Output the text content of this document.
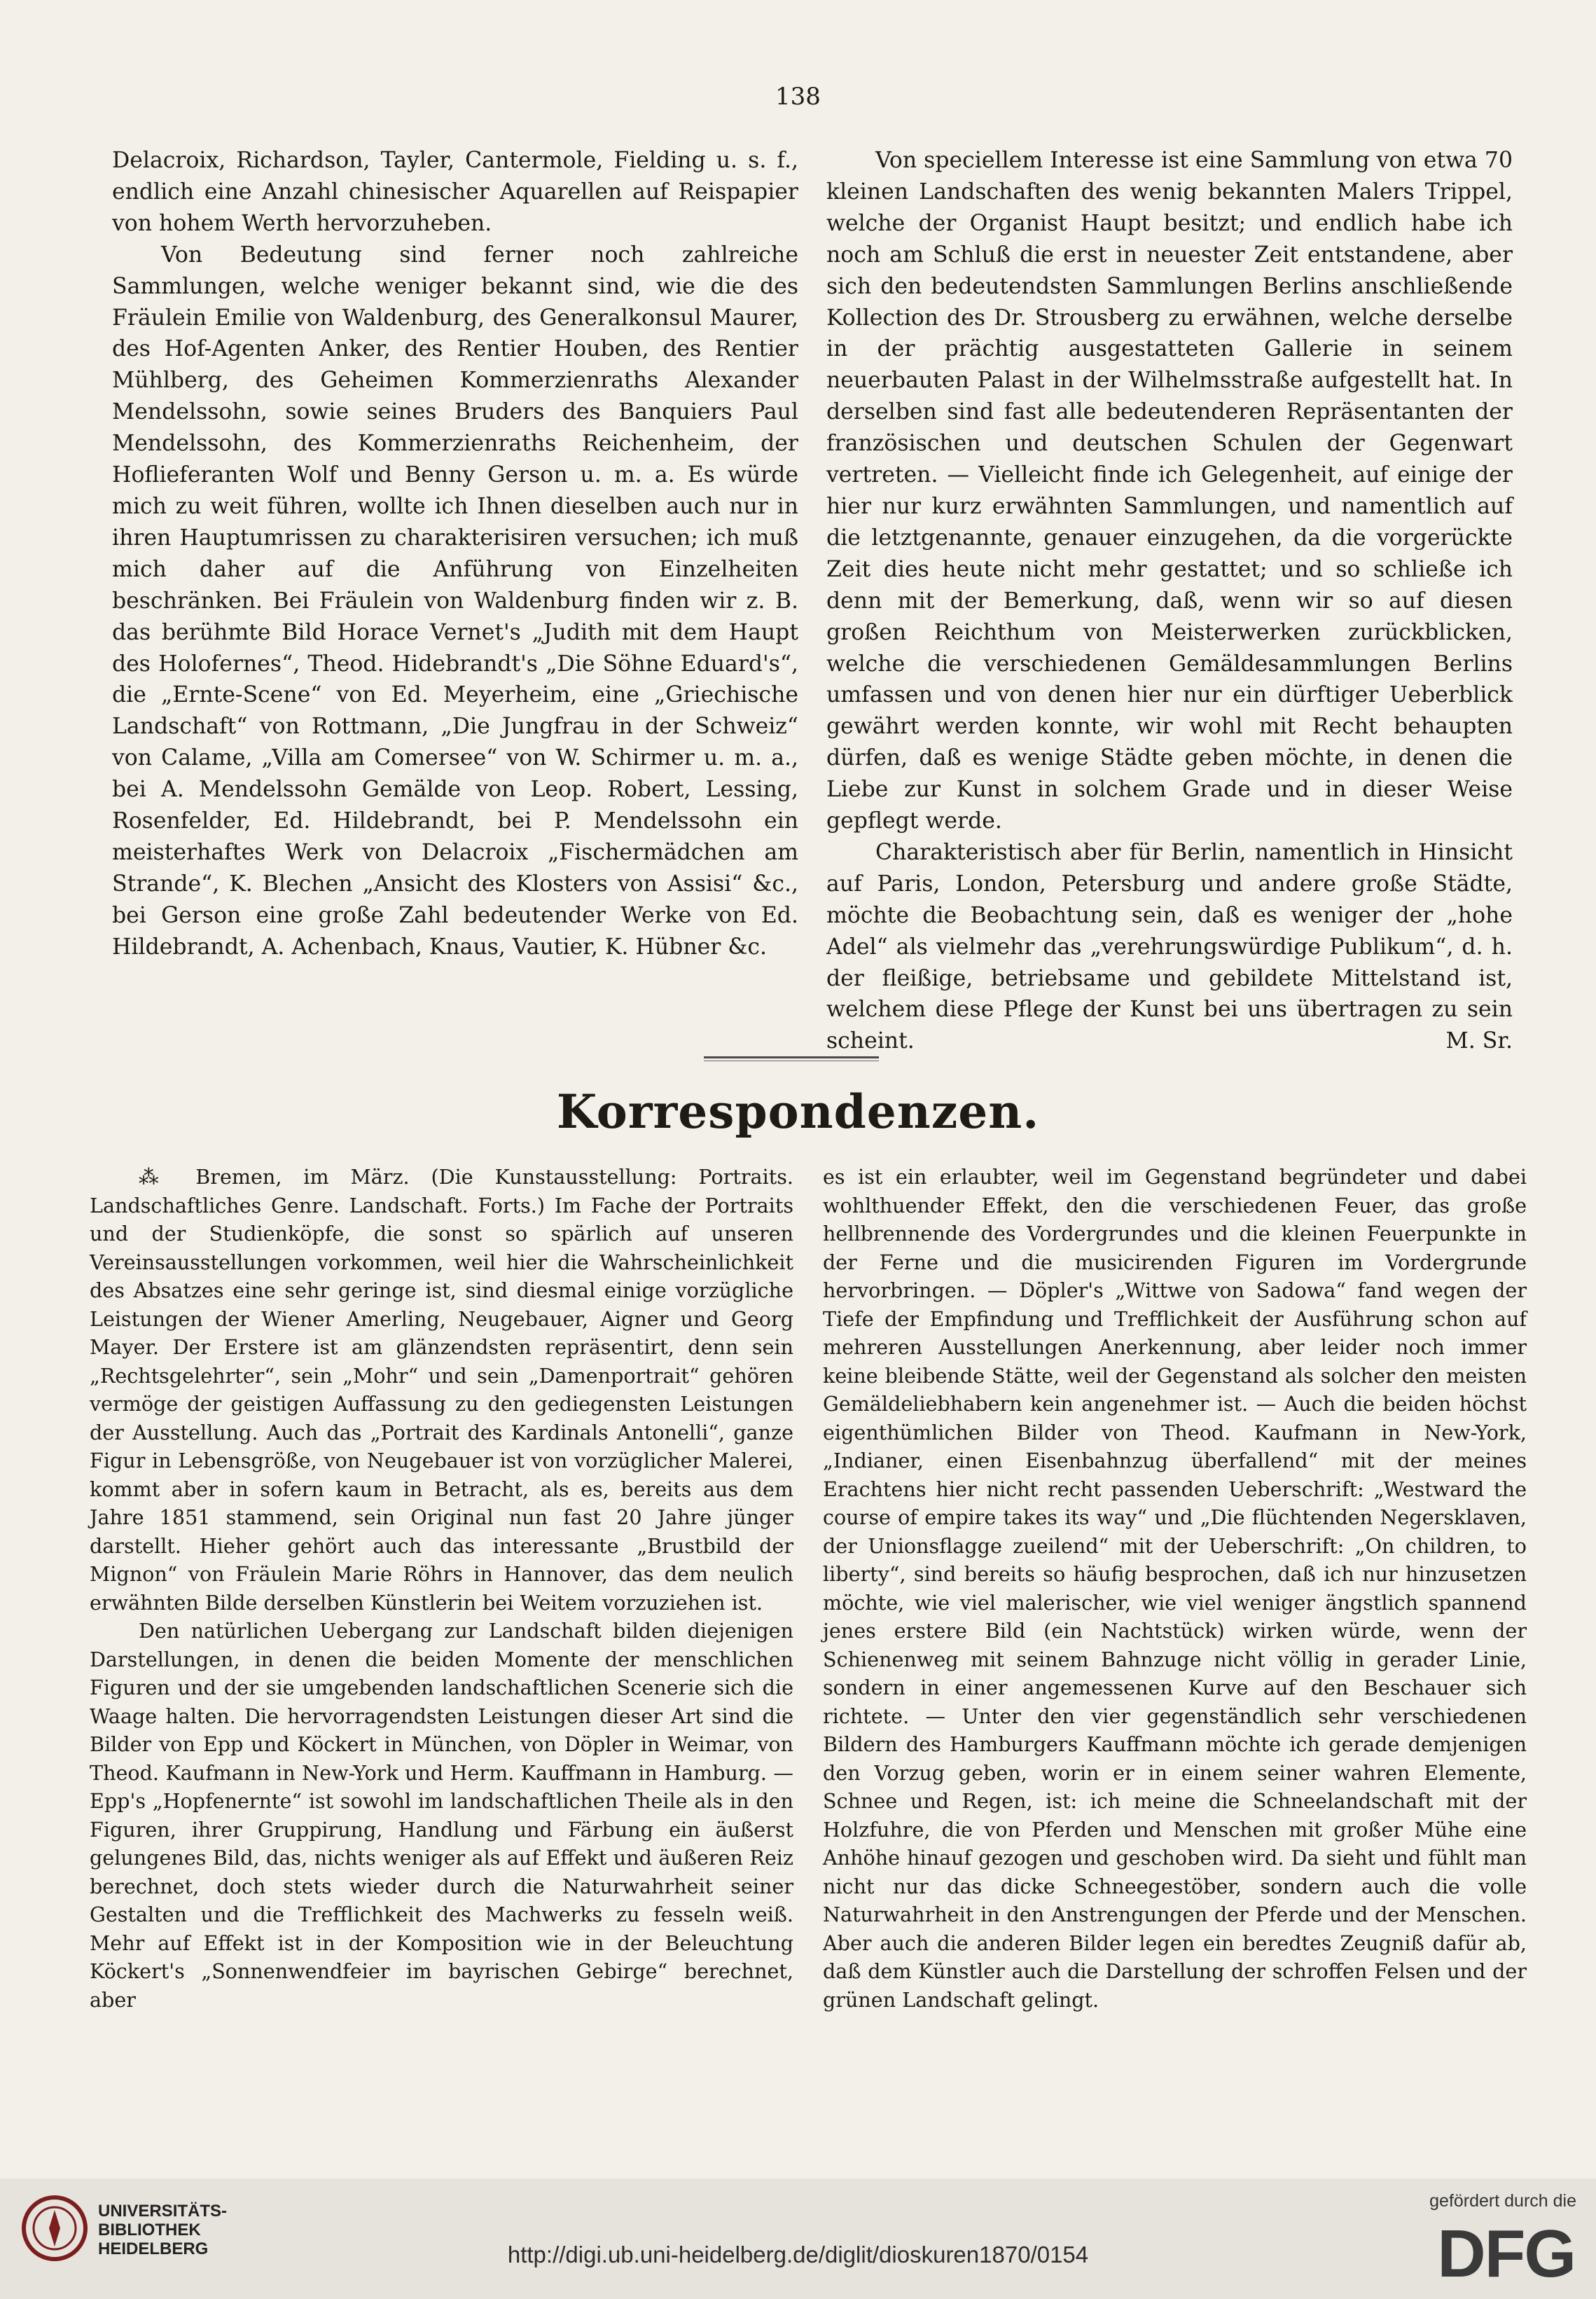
138

Delacroix, Richardson, Tayler, Cantermole, Fielding u. s. f., endlich eine Anzahl chinesischer Aquarellen auf Reispapier von hohem Werth hervorzuheben.

Von Bedeutung sind ferner noch zahlreiche Sammlungen, welche weniger bekannt sind, wie die des Fräulein Emilie von Waldenburg, des Generalkonsul Maurer, des Hof-Agenten Anker, des Rentier Houben, des Rentier Mühlberg, des Geheimen Kommerzienraths Alexander Mendelssohn, sowie seines Bruders des Banquiers Paul Mendelssohn, des Kommerzienraths Reichenheim, der Hoflieferanten Wolf und Benny Gerson u. m. a. Es würde mich zu weit führen, wollte ich Ihnen dieselben auch nur in ihren Hauptumrissen zu charakterisiren versuchen; ich muß mich daher auf die Anführung von Einzelheiten beschränken. Bei Fräulein von Waldenburg finden wir z. B. das berühmte Bild Horace Vernet's „Judith mit dem Haupt des Holofernes“, Theod. Hidebrandt's „Die Söhne Eduard's“, die „Ernte-Scene“ von Ed. Meyerheim, eine „Griechische Landschaft“ von Rottmann, „Die Jungfrau in der Schweiz“ von Calame, „Villa am Comersee“ von W. Schirmer u. m. a., bei A. Mendelssohn Gemälde von Leop. Robert, Lessing, Rosenfelder, Ed. Hildebrandt, bei P. Mendelssohn ein meisterhaftes Werk von Delacroix „Fischermädchen am Strande“, K. Blechen „Ansicht des Klosters von Assisi“ &c., bei Gerson eine große Zahl bedeutender Werke von Ed. Hildebrandt, A. Achenbach, Knaus, Vautier, K. Hübner &c.

Von speciellem Interesse ist eine Sammlung von etwa 70 kleinen Landschaften des wenig bekannten Malers Trippel, welche der Organist Haupt besitzt; und endlich habe ich noch am Schluß die erst in neuester Zeit entstandene, aber sich den bedeutendsten Sammlungen Berlins anschließende Kollection des Dr. Strousberg zu erwähnen, welche derselbe in der prächtig ausgestatteten Gallerie in seinem neuerbauten Palast in der Wilhelmsstraße aufgestellt hat. In derselben sind fast alle bedeutenderen Repräsentanten der französischen und deutschen Schulen der Gegenwart vertreten. — Vielleicht finde ich Gelegenheit, auf einige der hier nur kurz erwähnten Sammlungen, und namentlich auf die letztgenannte, genauer einzugehen, da die vorgerückte Zeit dies heute nicht mehr gestattet; und so schließe ich denn mit der Bemerkung, daß, wenn wir so auf diesen großen Reichthum von Meisterwerken zurückblicken, welche die verschiedenen Gemäldesammlungen Berlins umfassen und von denen hier nur ein dürftiger Ueberblick gewährt werden konnte, wir wohl mit Recht behaupten dürfen, daß es wenige Städte geben möchte, in denen die Liebe zur Kunst in solchem Grade und in dieser Weise gepflegt werde.

Charakteristisch aber für Berlin, namentlich in Hinsicht auf Paris, London, Petersburg und andere große Städte, möchte die Beobachtung sein, daß es weniger der „hohe Adel“ als vielmehr das „verehrungswürdige Publikum“, d. h. der fleißige, betriebsame und gebildete Mittelstand ist, welchem diese Pflege der Kunst bei uns übertragen zu sein scheint.	M. Sr.

Korrespondenzen.

⁂ Bremen, im März. (Die Kunstausstellung: Portraits. Landschaftliches Genre. Landschaft. Forts.) Im Fache der Portraits und der Studienköpfe, die sonst so spärlich auf unseren Vereinsausstellungen vorkommen, weil hier die Wahrscheinlichkeit des Absatzes eine sehr geringe ist, sind diesmal einige vorzügliche Leistungen der Wiener Amerling, Neugebauer, Aigner und Georg Mayer. Der Erstere ist am glänzendsten repräsentirt, denn sein „Rechtsgelehrter“, sein „Mohr“ und sein „Damenportrait“ gehören vermöge der geistigen Auffassung zu den gediegensten Leistungen der Ausstellung. Auch das „Portrait des Kardinals Antonelli“, ganze Figur in Lebensgröße, von Neugebauer ist von vorzüglicher Malerei, kommt aber in sofern kaum in Betracht, als es, bereits aus dem Jahre 1851 stammend, sein Original nun fast 20 Jahre jünger darstellt. Hieher gehört auch das interessante „Brustbild der Mignon“ von Fräulein Marie Röhrs in Hannover, das dem neulich erwähnten Bilde derselben Künstlerin bei Weitem vorzuziehen ist.

Den natürlichen Uebergang zur Landschaft bilden diejenigen Darstellungen, in denen die beiden Momente der menschlichen Figuren und der sie umgebenden landschaftlichen Scenerie sich die Waage halten. Die hervorragendsten Leistungen dieser Art sind die Bilder von Epp und Köckert in München, von Döpler in Weimar, von Theod. Kaufmann in New-York und Herm. Kauffmann in Hamburg. — Epp's „Hopfenernte“ ist sowohl im landschaftlichen Theile als in den Figuren, ihrer Gruppirung, Handlung und Färbung ein äußerst gelungenes Bild, das, nichts weniger als auf Effekt und äußeren Reiz berechnet, doch stets wieder durch die Naturwahrheit seiner Gestalten und die Trefflichkeit des Machwerks zu fesseln weiß. Mehr auf Effekt ist in der Komposition wie in der Beleuchtung Köckert's „Sonnenwendfeier im bayrischen Gebirge“ berechnet, aber

es ist ein erlaubter, weil im Gegenstand begründeter und dabei wohlthuender Effekt, den die verschiedenen Feuer, das große hellbrennende des Vordergrundes und die kleinen Feuerpunkte in der Ferne und die musicirenden Figuren im Vordergrunde hervorbringen. — Döpler's „Wittwe von Sadowa“ fand wegen der Tiefe der Empfindung und Trefflichkeit der Ausführung schon auf mehreren Ausstellungen Anerkennung, aber leider noch immer keine bleibende Stätte, weil der Gegenstand als solcher den meisten Gemäldeliebhabern kein angenehmer ist. — Auch die beiden höchst eigenthümlichen Bilder von Theod. Kaufmann in New-York, „Indianer, einen Eisenbahnzug überfallend“ mit der meines Erachtens hier nicht recht passenden Ueberschrift: „Westward the course of empire takes its way“ und „Die flüchtenden Negersklaven, der Unionsflagge zueilend“ mit der Ueberschrift: „On children, to liberty“, sind bereits so häufig besprochen, daß ich nur hinzusetzen möchte, wie viel malerischer, wie viel weniger ängstlich spannend jenes erstere Bild (ein Nachtstück) wirken würde, wenn der Schienenweg mit seinem Bahnzuge nicht völlig in gerader Linie, sondern in einer angemessenen Kurve auf den Beschauer sich richtete. — Unter den vier gegenständlich sehr verschiedenen Bildern des Hamburgers Kauffmann möchte ich gerade demjenigen den Vorzug geben, worin er in einem seiner wahren Elemente, Schnee und Regen, ist: ich meine die Schneelandschaft mit der Holzfuhre, die von Pferden und Menschen mit großer Mühe eine Anhöhe hinauf gezogen und geschoben wird. Da sieht und fühlt man nicht nur das dicke Schneegestöber, sondern auch die volle Naturwahrheit in den Anstrengungen der Pferde und der Menschen. Aber auch die anderen Bilder legen ein beredtes Zeugniß dafür ab, daß dem Künstler auch die Darstellung der schroffen Felsen und der grünen Landschaft gelingt.

UNIVERSITÄTS-
BIBLIOTHEK
HEIDELBERG	http://digi.ub.uni-heidelberg.de/diglit/dioskuren1870/0154
gefördert durch die
DFG
